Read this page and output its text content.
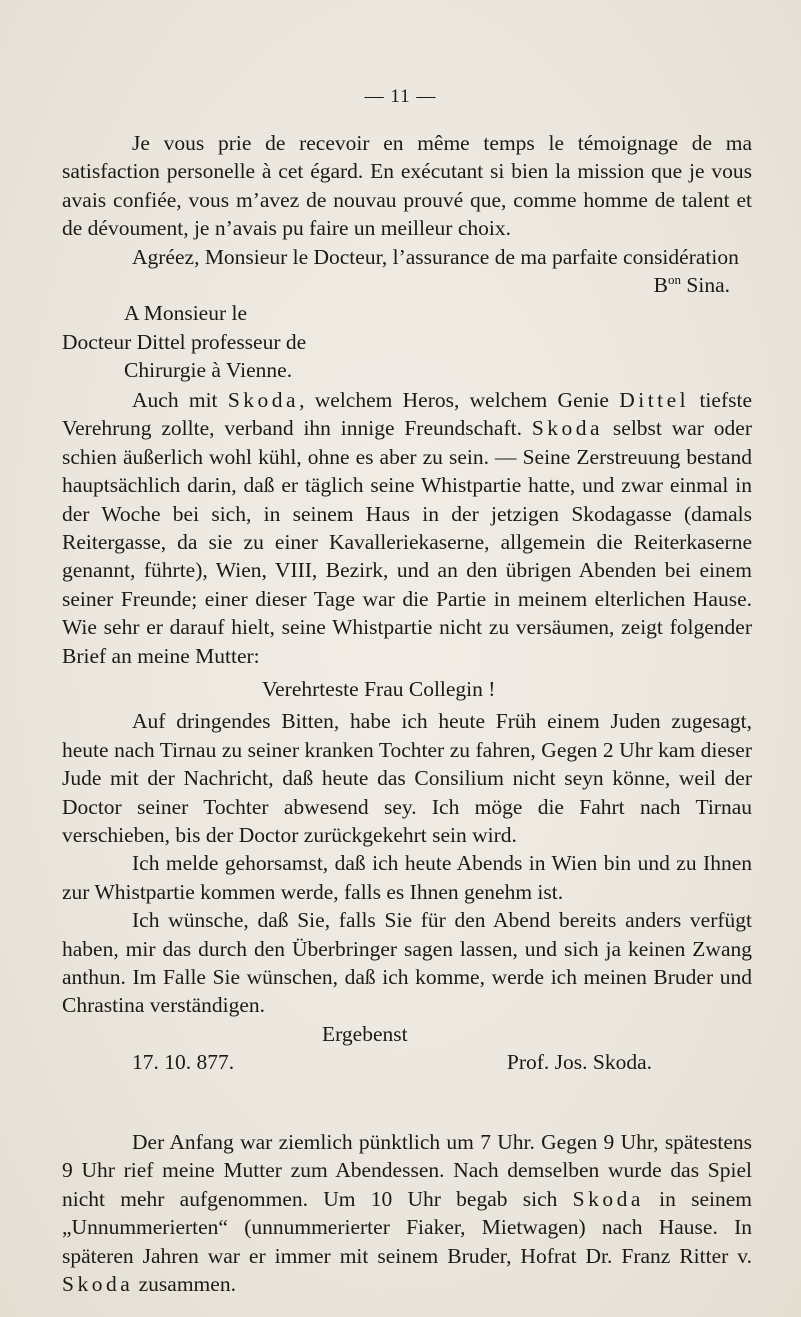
— 11 —

Je vous prie de recevoir en même temps le témoignage de ma satisfaction personelle à cet égard. En exécutant si bien la mission que je vous avais confiée, vous m’avez de nouvau prouvé que, comme homme de talent et de dévoument, je n’avais pu faire un meilleur choix.

Agréez, Monsieur le Docteur, l’assurance de ma parfaite considération

$B^{on}$ Sina.

A Monsieur le

Docteur Dittel professeur de

Chirurgie à Vienne.

Auch mit Skoda, welchem Heros, welchem Genie Dittel tiefste Verehrung zollte, verband ihn innige Freundschaft. Skoda selbst war oder schien äußerlich wohl kühl, ohne es aber zu sein. — Seine Zerstreuung bestand hauptsächlich darin, daß er täglich seine Whistpartie hatte, und zwar einmal in der Woche bei sich, in seinem Haus in der jetzigen Skodagasse (damals Reitergasse, da sie zu einer Kavalleriekaserne, allgemein die Reiterkaserne genannt, führte), Wien, VIII, Bezirk, und an den übrigen Abenden bei einem seiner Freunde; einer dieser Tage war die Partie in meinem elterlichen Hause. Wie sehr er darauf hielt, seine Whistpartie nicht zu versäumen, zeigt folgender Brief an meine Mutter:

Verehrteste Frau Collegin !

Auf dringendes Bitten, habe ich heute Früh einem Juden zugesagt, heute nach Tirnau zu seiner kranken Tochter zu fahren, Gegen 2 Uhr kam dieser Jude mit der Nachricht, daß heute das Consilium nicht seyn könne, weil der Doctor seiner Tochter abwesend sey. Ich möge die Fahrt nach Tirnau verschieben, bis der Doctor zurückgekehrt sein wird.

Ich melde gehorsamst, daß ich heute Abends in Wien bin und zu Ihnen zur Whistpartie kommen werde, falls es Ihnen genehm ist.

Ich wünsche, daß Sie, falls Sie für den Abend bereits anders verfügt haben, mir das durch den Überbringer sagen lassen, und sich ja keinen Zwang anthun. Im Falle Sie wünschen, daß ich komme, werde ich meinen Bruder und Chrastina verständigen.

Ergebenst

17. 10. 877.	Prof. Jos. Skoda.

Der Anfang war ziemlich pünktlich um 7 Uhr. Gegen 9 Uhr, spätestens 9 Uhr rief meine Mutter zum Abendessen. Nach demselben wurde das Spiel nicht mehr aufgenommen. Um 10 Uhr begab sich Skoda in seinem „Unnummerierten“ (unnummerierter Fiaker, Mietwagen) nach Hause. In späteren Jahren war er immer mit seinem Bruder, Hofrat Dr. Franz Ritter v. Skoda zusammen.
